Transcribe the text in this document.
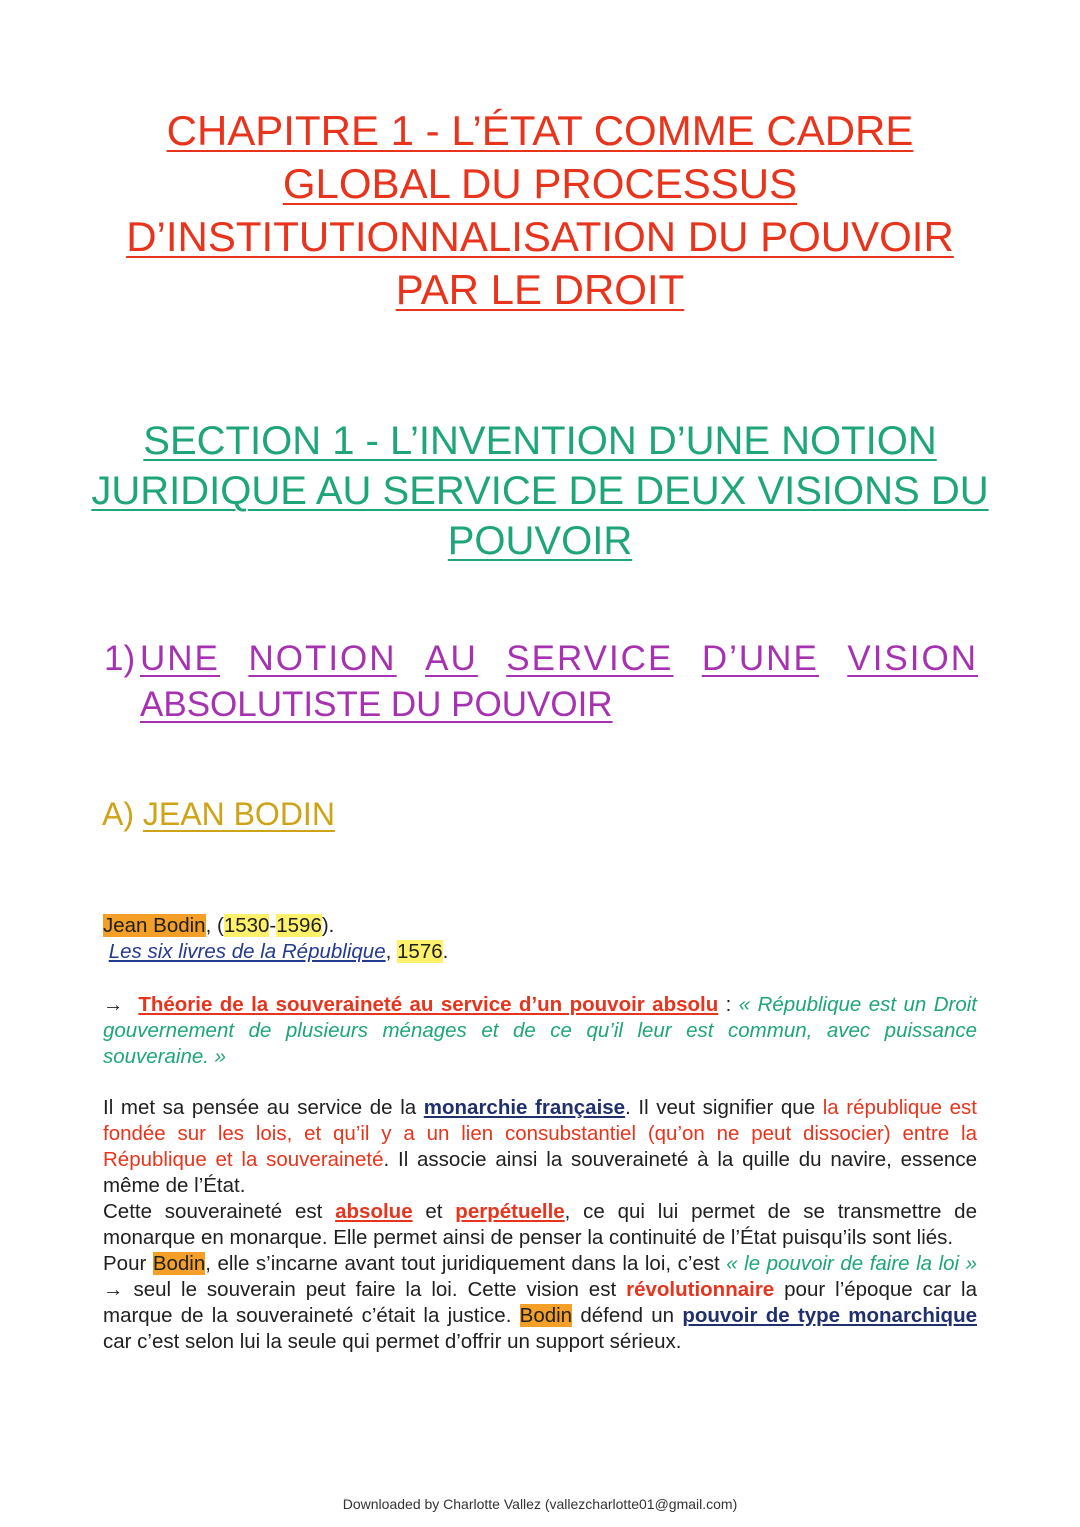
CHAPITRE 1 - L’ÉTAT COMME CADRE
GLOBAL DU PROCESSUS
D’INSTITUTIONNALISATION DU POUVOIR
PAR LE DROIT
SECTION 1 - L’INVENTION D’UNE NOTION
JURIDIQUE AU SERVICE DE DEUX VISIONS DU
POUVOIR
1) UNE NOTION AU SERVICE D’UNE VISION
ABSOLUTISTE DU POUVOIR
A) JEAN BODIN
Jean Bodin, (1530-1596).
Les six livres de la République, 1576.
→ Théorie de la souveraineté au service d’un pouvoir absolu : « République est un Droit gouvernement de plusieurs ménages et de ce qu’il leur est commun, avec puissance souveraine. »
Il met sa pensée au service de la monarchie française. Il veut signifier que la république est fondée sur les lois, et qu’il y a un lien consubstantiel (qu’on ne peut dissocier) entre la République et la souveraineté. Il associe ainsi la souveraineté à la quille du navire, essence même de l’État.
Cette souveraineté est absolue et perpétuelle, ce qui lui permet de se transmettre de monarque en monarque. Elle permet ainsi de penser la continuité de l’État puisqu’ils sont liés.
Pour Bodin, elle s’incarne avant tout juridiquement dans la loi, c’est « le pouvoir de faire la loi » → seul le souverain peut faire la loi. Cette vision est révolutionnaire pour l’époque car la marque de la souveraineté c’était la justice. Bodin défend un pouvoir de type monarchique car c’est selon lui la seule qui permet d’offrir un support sérieux.
Downloaded by Charlotte Vallez (vallezcharlotte01@gmail.com)
